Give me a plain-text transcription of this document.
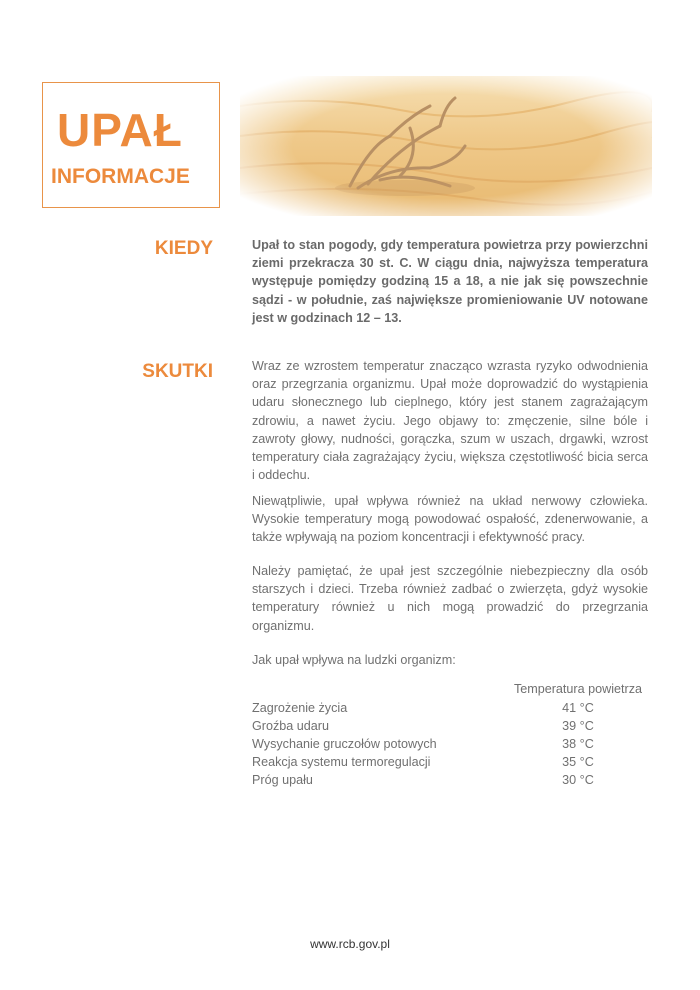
UPAŁ
INFORMACJE
KIEDY	Upał to stan pogody, gdy temperatura powietrza przy powierzchni ziemi przekracza 30 st. C. W ciągu dnia, najwyższa temperatura występuje pomiędzy godziną 15 a 18, a nie jak się powszechnie sądzi - w południe, zaś największe promieniowanie UV notowane jest w godzinach 12 – 13.
SKUTKI	Wraz ze wzrostem temperatur znacząco wzrasta ryzyko odwodnienia oraz przegrzania organizmu. Upał może doprowadzić do wystąpienia udaru słonecznego lub cieplnego, który jest stanem zagrażającym zdrowiu, a nawet życiu. Jego objawy to: zmęczenie, silne bóle i zawroty głowy, nudności, gorączka, szum w uszach, drgawki, wzrost temperatury ciała zagrażający życiu, większa częstotliwość bicia serca i oddechu.
Niewątpliwie, upał wpływa również na układ nerwowy człowieka. Wysokie temperatury mogą powodować ospałość, zdenerwowanie, a także wpływają na poziom koncentracji i efektywność pracy.
Należy pamiętać, że upał jest szczególnie niebezpieczny dla osób starszych i dzieci. Trzeba również zadbać o zwierzęta, gdyż wysokie temperatury również u nich mogą prowadzić do przegrzania organizmu.
Jak upał wpływa na ludzki organizm:
Temperatura powietrza
Zagrożenie życia	41 °C
Groźba udaru	39 °C
Wysychanie gruczołów potowych	38 °C
Reakcja systemu termoregulacji	35 °C
Próg upału	30 °C
www.rcb.gov.pl
